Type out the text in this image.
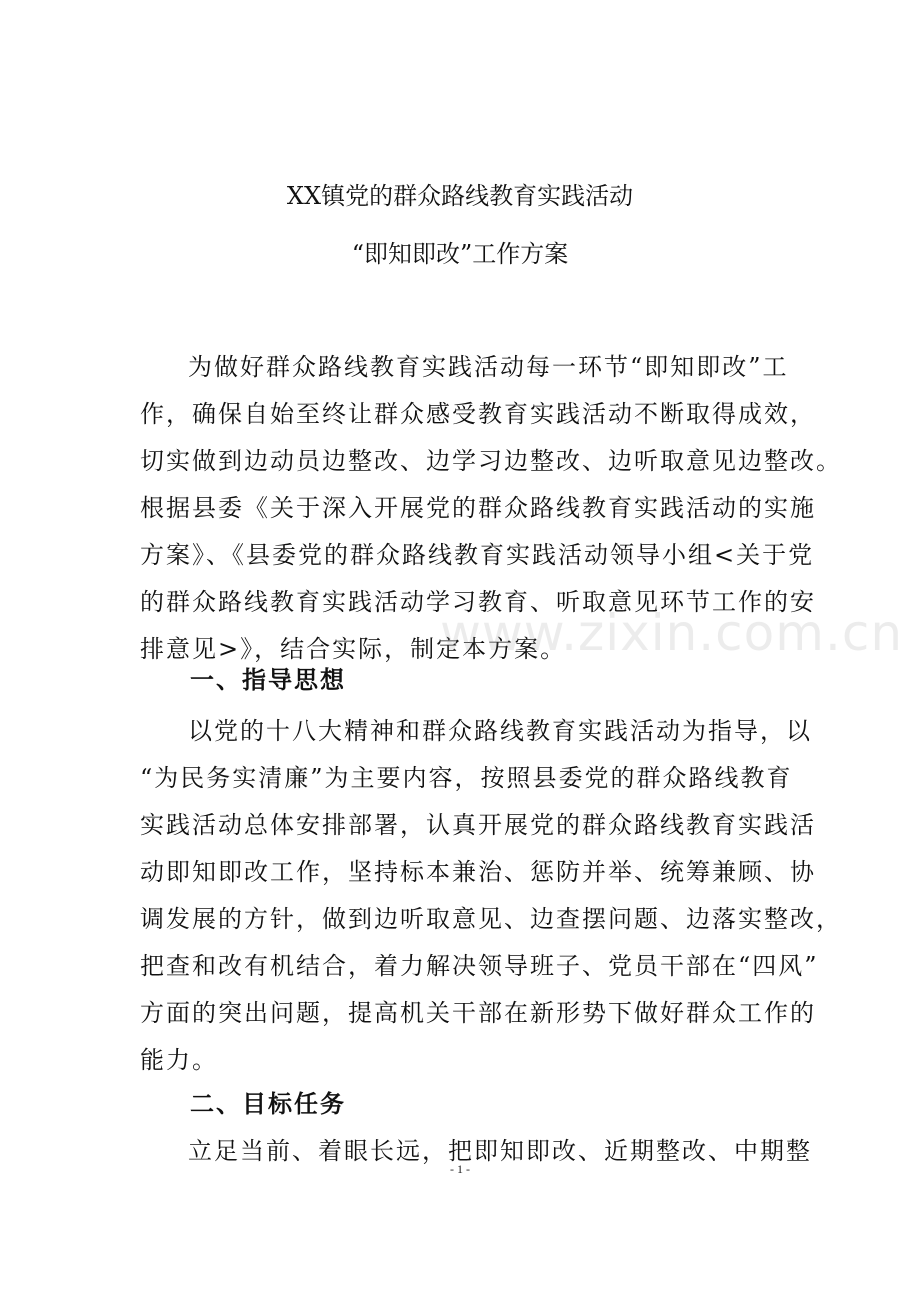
XX镇党的群众路线教育实践活动
“即知即改”工作方案
为做好群众路线教育实践活动每一环节“即知即改”工
作，确保自始至终让群众感受教育实践活动不断取得成效，
切实做到边动员边整改、边学习边整改、边听取意见边整改。
根据县委《关于深入开展党的群众路线教育实践活动的实施
方案》、《县委党的群众路线教育实践活动领导小组<关于党
的群众路线教育实践活动学习教育、听取意见环节工作的安
排意见>》，结合实际，制定本方案。
一、指导思想
以党的十八大精神和群众路线教育实践活动为指导，以
“为民务实清廉”为主要内容，按照县委党的群众路线教育
实践活动总体安排部署，认真开展党的群众路线教育实践活
动即知即改工作，坚持标本兼治、惩防并举、统筹兼顾、协
调发展的方针，做到边听取意见、边查摆问题、边落实整改，
把查和改有机结合，着力解决领导班子、党员干部在“四风”
方面的突出问题，提高机关干部在新形势下做好群众工作的
能力。
二、目标任务
立足当前、着眼长远，把即知即改、近期整改、中期整
www.zixin.com.cn
- 1 -
